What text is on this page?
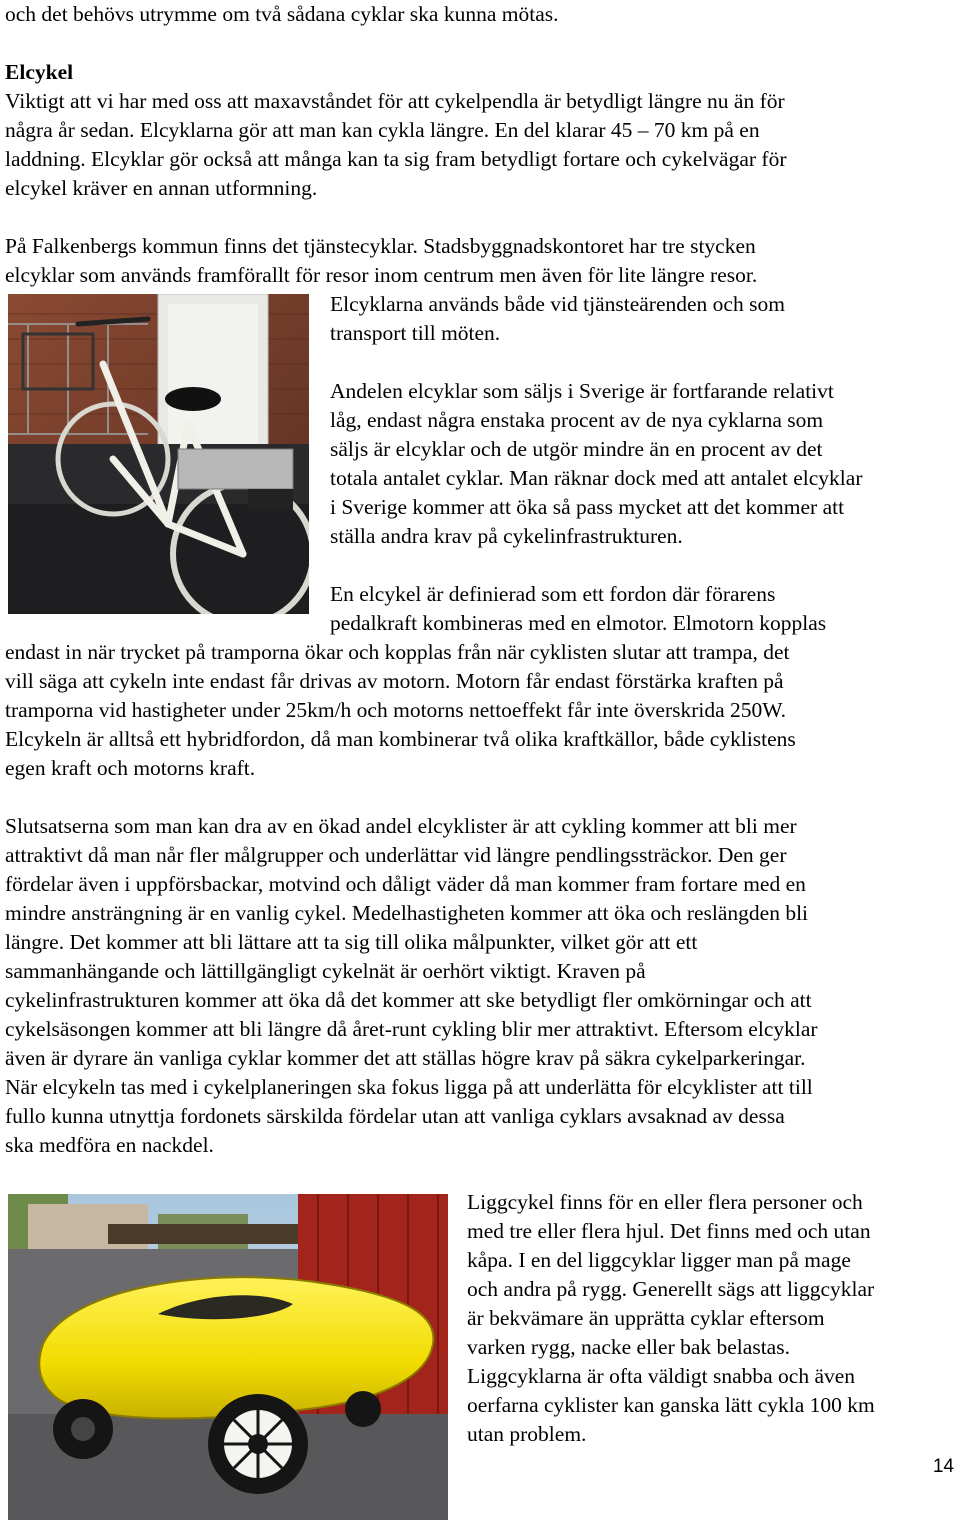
och det behövs utrymme om två sådana cyklar ska kunna mötas.
Elcykel
Viktigt att vi har med oss att maxavståndet för att cykelpendla är betydligt längre nu än för
några år sedan. Elcyklarna gör att man kan cykla längre. En del klarar 45 – 70 km på en
laddning. Elcyklar gör också att många kan ta sig fram betydligt fortare och cykelvägar för
elcykel kräver en annan utformning.
På Falkenbergs kommun finns det tjänstecyklar. Stadsbyggnadskontoret har tre stycken
elcyklar som används framförallt för resor inom centrum men även för lite längre resor.
Elcyklarna används både vid tjänsteärenden och som
transport till möten.
Andelen elcyklar som säljs i Sverige är fortfarande relativt
låg, endast några enstaka procent av de nya cyklarna som
säljs är elcyklar och de utgör mindre än en procent av det
totala antalet cyklar. Man räknar dock med att antalet elcyklar
i Sverige kommer att öka så pass mycket att det kommer att
ställa andra krav på cykelinfrastrukturen.
En elcykel är definierad som ett fordon där förarens
pedalkraft kombineras med en elmotor. Elmotorn kopplas
endast in när trycket på tramporna ökar och kopplas från när cyklisten slutar att trampa, det
vill säga att cykeln inte endast får drivas av motorn. Motorn får endast förstärka kraften på
tramporna vid hastigheter under 25km/h och motorns nettoeffekt får inte överskrida 250W.
Elcykeln är alltså ett hybridfordon, då man kombinerar två olika kraftkällor, både cyklistens
egen kraft och motorns kraft.
Slutsatserna som man kan dra av en ökad andel elcyklister är att cykling kommer att bli mer
attraktivt då man når fler målgrupper och underlättar vid längre pendlingssträckor. Den ger
fördelar även i uppförsbackar, motvind och dåligt väder då man kommer fram fortare med en
mindre ansträngning är en vanlig cykel. Medelhastigheten kommer att öka och reslängden bli
längre. Det kommer att bli lättare att ta sig till olika målpunkter, vilket gör att ett
sammanhängande och lättillgängligt cykelnät är oerhört viktigt. Kraven på
cykelinfrastrukturen kommer att öka då det kommer att ske betydligt fler omkörningar och att
cykelsäsongen kommer att bli längre då året-runt cykling blir mer attraktivt. Eftersom elcyklar
även är dyrare än vanliga cyklar kommer det att ställas högre krav på säkra cykelparkeringar.
När elcykeln tas med i cykelplaneringen ska fokus ligga på att underlätta för elcyklister att till
fullo kunna utnyttja fordonets särskilda fördelar utan att vanliga cyklars avsaknad av dessa
ska medföra en nackdel.
Liggcykel finns för en eller flera personer och
med tre eller flera hjul. Det finns med och utan
kåpa. I en del liggcyklar ligger man på mage
och andra på rygg. Generellt sägs att liggcyklar
är bekvämare än upprätta cyklar eftersom
varken rygg, nacke eller bak belastas.
Liggcyklarna är ofta väldigt snabba och även
oerfarna cyklister kan ganska lätt cykla 100 km
utan problem.
14
